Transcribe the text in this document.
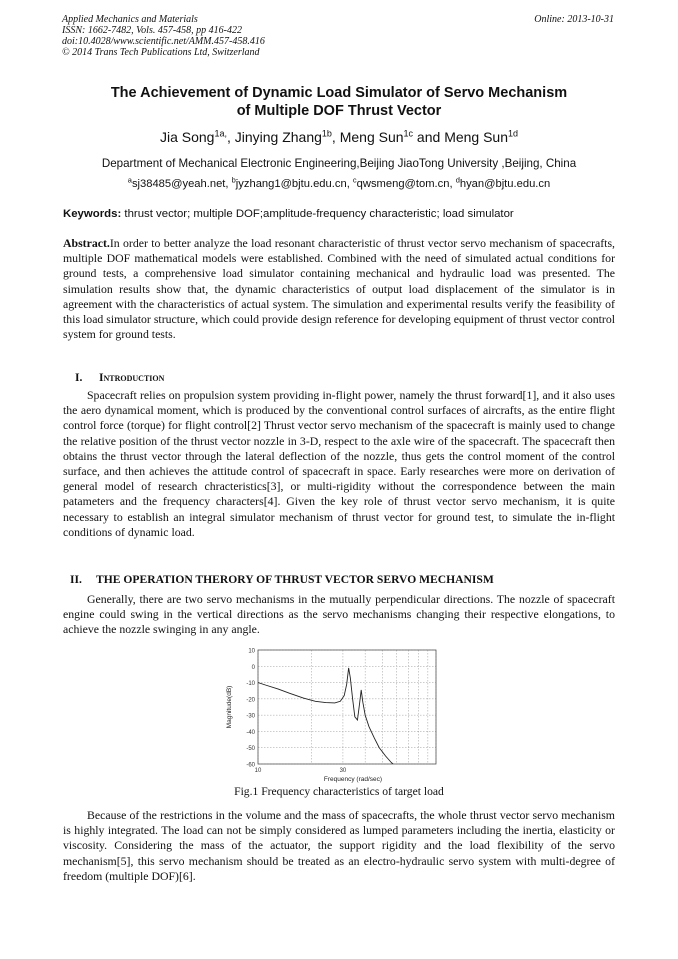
Applied Mechanics and Materials
ISSN: 1662-7482, Vols. 457-458, pp 416-422
doi:10.4028/www.scientific.net/AMM.457-458.416
© 2014 Trans Tech Publications Ltd, Switzerland
Online: 2013-10-31
The Achievement of Dynamic Load Simulator of Servo Mechanism
of Multiple DOF Thrust Vector
Jia Song$^{1a,}$, Jinying Zhang$^{1b}$, Meng Sun$^{1c}$ and Meng Sun$^{1d}$
Department of Mechanical Electronic Engineering,Beijing JiaoTong University ,Beijing, China
$^a$sj38485@yeah.net, $^b$jyzhang1@bjtu.edu.cn, $^c$qwsmeng@tom.cn, $^d$hyan@bjtu.edu.cn
Keywords: thrust vector; multiple DOF;amplitude-frequency characteristic; load simulator
Abstract.In order to better analyze the load resonant characteristic of thrust vector servo mechanism of spacecrafts, multiple DOF mathematical models were established. Combined with the need of simulated actual conditions for ground tests, a comprehensive load simulator containing mechanical and hydraulic load was presented. The simulation results show that, the dynamic characteristics of output load displacement of the simulator is in agreement with the characteristics of actual system. The simulation and experimental results verify the feasibility of this load simulator structure, which could provide design reference for developing equipment of thrust vector control system for ground tests.
I. Introduction
Spacecraft relies on propulsion system providing in-flight power, namely the thrust forward[1], and it also uses the aero dynamical moment, which is produced by the conventional control surfaces of aircrafts, as the entire flight control force (torque) for flight control[2] Thrust vector servo mechanism of the spacecraft is mainly used to change the relative position of the thrust vector nozzle in 3-D, respect to the axle wire of the spacecraft. The spacecraft then obtains the thrust vector through the lateral deflection of the nozzle, thus gets the control moment of the control surface, and then achieves the attitude control of spacecraft in space. Early researches were more on derivation of general model of research chracteristics[3], or multi-rigidity without the correspondence between the main patameters and the frequency characters[4]. Given the key role of thrust vector servo mechanism, it is quite necessary to establish an integral simulator mechanism of thrust vector for ground test, to simulate the in-flight conditions of dynamic load.
II. THE OPERATION THERORY OF THRUST VECTOR SERVO MECHANISM
Generally, there are two servo mechanisms in the mutually perpendicular directions. The nozzle of spacecraft engine could swing in the vertical directions as the servo mechanisms changing their respective elongations, to achieve the nozzle swinging in any angle.
10
0
-10
-20
-30
-40
-50
-60
10	30
Frequency (rad/sec)
Magnitude(dB)
Fig.1 Frequency characteristics of target load
Because of the restrictions in the volume and the mass of spacecrafts, the whole thrust vector servo mechanism is highly integrated. The load can not be simply considered as lumped parameters including the inertia, elasticity or viscosity. Considering the mass of the actuator, the support rigidity and the load flexibility of the servo mechanism[5], this servo mechanism should be treated as an electro-hydraulic servo system with multi-degree of freedom (multiple DOF)[6].
